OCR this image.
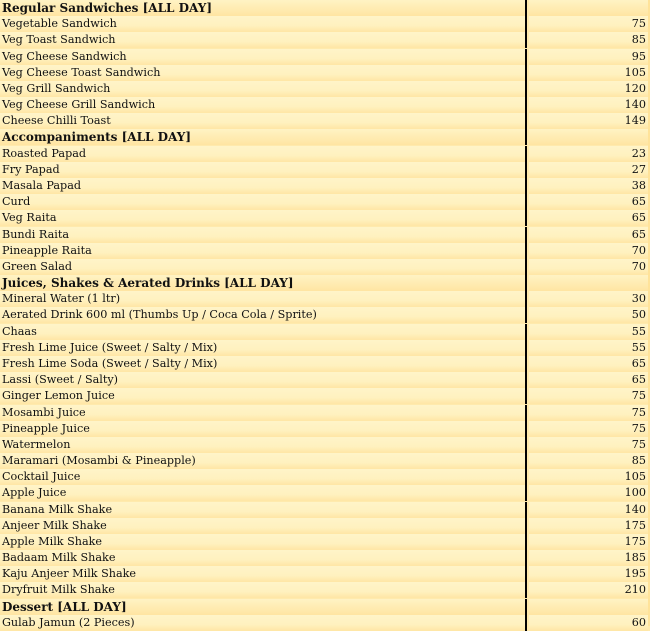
Regular Sandwiches [ALL DAY]
Vegetable Sandwich	75
Veg Toast Sandwich	85
Veg Cheese Sandwich	95
Veg Cheese Toast Sandwich	105
Veg Grill Sandwich	120
Veg Cheese Grill Sandwich	140
Cheese Chilli Toast	149
Accompaniments [ALL DAY]
Roasted Papad	23
Fry Papad	27
Masala Papad	38
Curd	65
Veg Raita	65
Bundi Raita	65
Pineapple Raita	70
Green Salad	70
Juices, Shakes & Aerated Drinks [ALL DAY]
Mineral Water (1 ltr)	30
Aerated Drink 600 ml (Thumbs Up / Coca Cola / Sprite)	50
Chaas	55
Fresh Lime Juice (Sweet / Salty / Mix)	55
Fresh Lime Soda (Sweet / Salty / Mix)	65
Lassi (Sweet / Salty)	65
Ginger Lemon Juice	75
Mosambi Juice	75
Pineapple Juice	75
Watermelon	75
Maramari (Mosambi & Pineapple)	85
Cocktail Juice	105
Apple Juice	100
Banana Milk Shake	140
Anjeer Milk Shake	175
Apple Milk Shake	175
Badaam Milk Shake	185
Kaju Anjeer Milk Shake	195
Dryfruit Milk Shake	210
Dessert [ALL DAY]
Gulab Jamun (2 Pieces)	60
